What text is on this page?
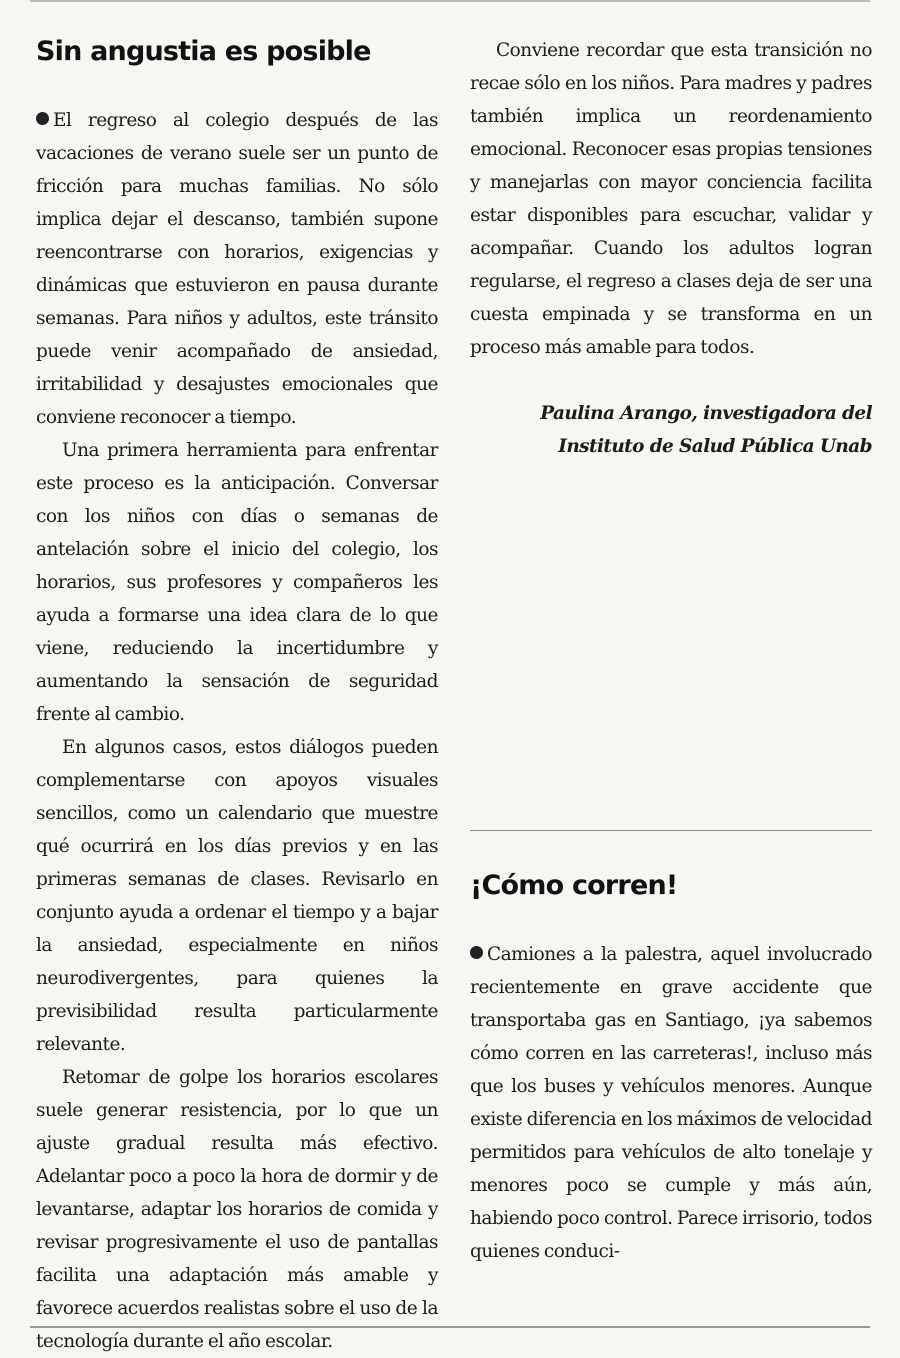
Sin angustia es posible

El regreso al colegio después de las vacaciones de verano suele ser un punto de fricción para muchas familias. No sólo implica dejar el descanso, también supone reencontrarse con horarios, exigencias y dinámicas que estuvieron en pausa durante semanas. Para niños y adultos, este tránsito puede venir acompañado de ansiedad, irritabilidad y desajustes emocionales que conviene reconocer a tiempo.

Una primera herramienta para enfrentar este proceso es la anticipación. Conversar con los niños con días o semanas de antelación sobre el inicio del colegio, los horarios, sus profesores y compañeros les ayuda a formarse una idea clara de lo que viene, reduciendo la incertidumbre y aumentando la sensación de seguridad frente al cambio.

En algunos casos, estos diálogos pueden complementarse con apoyos visuales sencillos, como un calendario que muestre qué ocurrirá en los días previos y en las primeras semanas de clases. Revisarlo en conjunto ayuda a ordenar el tiempo y a bajar la ansiedad, especialmente en niños neurodivergentes, para quienes la previsibilidad resulta particularmente relevante.

Retomar de golpe los horarios escolares suele generar resistencia, por lo que un ajuste gradual resulta más efectivo. Adelantar poco a poco la hora de dormir y de levantarse, adaptar los horarios de comida y revisar progresivamente el uso de pantallas facilita una adaptación más amable y favorece acuerdos realistas sobre el uso de la tecnología durante el año escolar.

Conviene recordar que esta transición no recae sólo en los niños. Para madres y padres también implica un reordenamiento emocional. Reconocer esas propias tensiones y manejarlas con mayor conciencia facilita estar disponibles para escuchar, validar y acompañar. Cuando los adultos logran regularse, el regreso a clases deja de ser una cuesta empinada y se transforma en un proceso más amable para todos.

Paulina Arango, investigadora del
Instituto de Salud Pública Unab
¡Cómo corren!

Camiones a la palestra, aquel involucrado recientemente en grave accidente que transportaba gas en Santiago, ¡ya sabemos cómo corren en las carreteras!, incluso más que los buses y vehículos menores. Aunque existe diferencia en los máximos de velocidad permitidos para vehículos de alto tonelaje y menores poco se cumple y más aún, habiendo poco control. Parece irrisorio, todos quienes conduci-
